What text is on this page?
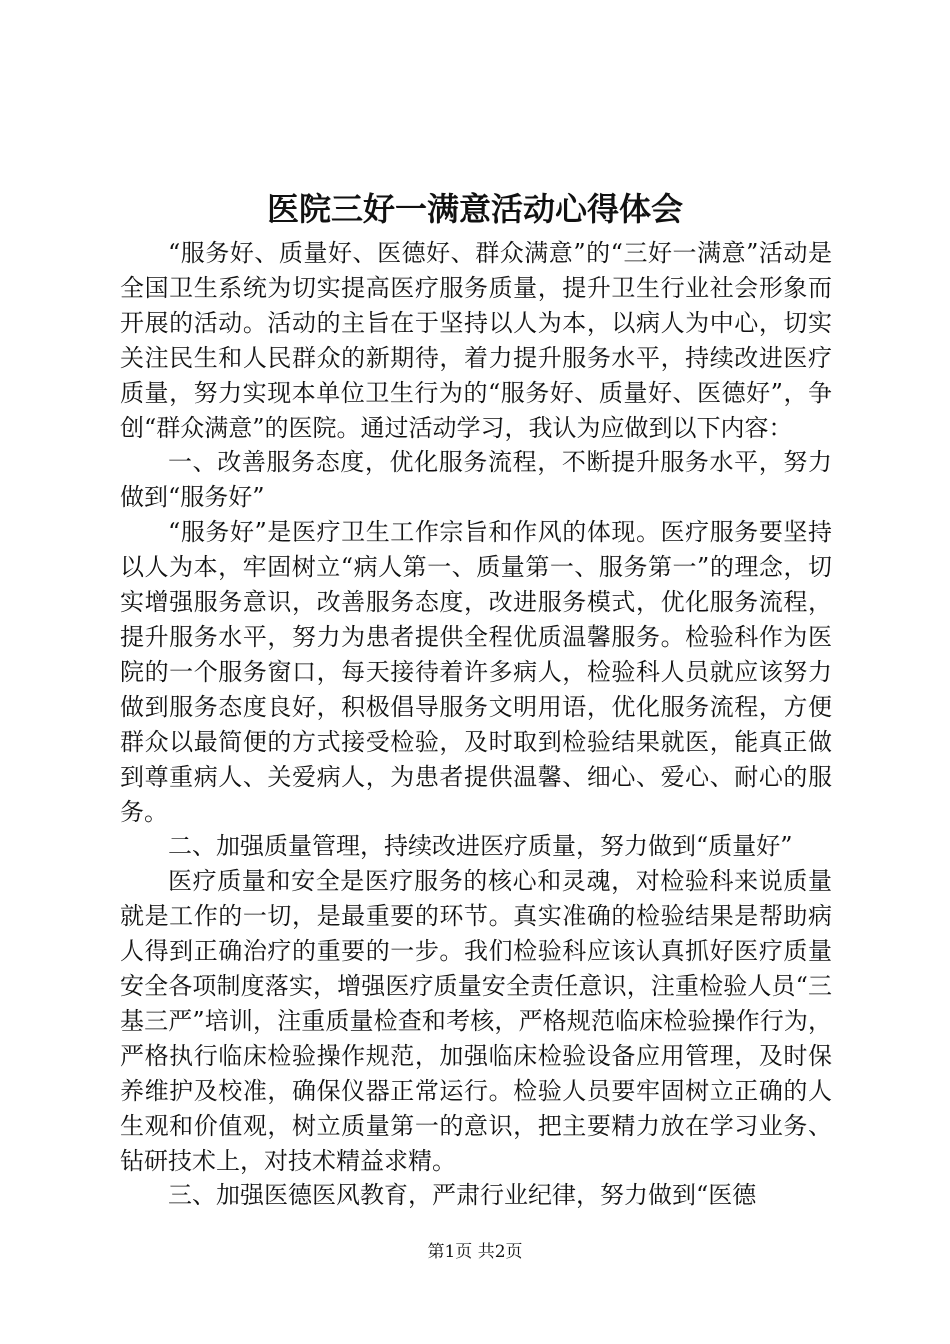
医院三好一满意活动心得体会

“服务好、质量好、医德好、群众满意”的“三好一满意”活动是全国卫生系统为切实提高医疗服务质量，提升卫生行业社会形象而开展的活动。活动的主旨在于坚持以人为本，以病人为中心，切实关注民生和人民群众的新期待，着力提升服务水平，持续改进医疗质量，努力实现本单位卫生行为的“服务好、质量好、医德好”，争创“群众满意”的医院。通过活动学习，我认为应做到以下内容：

一、改善服务态度，优化服务流程，不断提升服务水平，努力做到“服务好”

“服务好”是医疗卫生工作宗旨和作风的体现。医疗服务要坚持以人为本，牢固树立“病人第一、质量第一、服务第一”的理念，切实增强服务意识，改善服务态度，改进服务模式，优化服务流程，提升服务水平，努力为患者提供全程优质温馨服务。检验科作为医院的一个服务窗口，每天接待着许多病人，检验科人员就应该努力做到服务态度良好，积极倡导服务文明用语，优化服务流程，方便群众以最简便的方式接受检验，及时取到检验结果就医，能真正做到尊重病人、关爱病人，为患者提供温馨、细心、爱心、耐心的服务。

二、加强质量管理，持续改进医疗质量，努力做到“质量好”

医疗质量和安全是医疗服务的核心和灵魂，对检验科来说质量就是工作的一切，是最重要的环节。真实准确的检验结果是帮助病人得到正确治疗的重要的一步。我们检验科应该认真抓好医疗质量安全各项制度落实，增强医疗质量安全责任意识，注重检验人员“三基三严”培训，注重质量检查和考核，严格规范临床检验操作行为，严格执行临床检验操作规范，加强临床检验设备应用管理，及时保养维护及校准，确保仪器正常运行。检验人员要牢固树立正确的人生观和价值观，树立质量第一的意识，把主要精力放在学习业务、钻研技术上，对技术精益求精。

三、加强医德医风教育，严肃行业纪律，努力做到“医德

第1页 共2页
